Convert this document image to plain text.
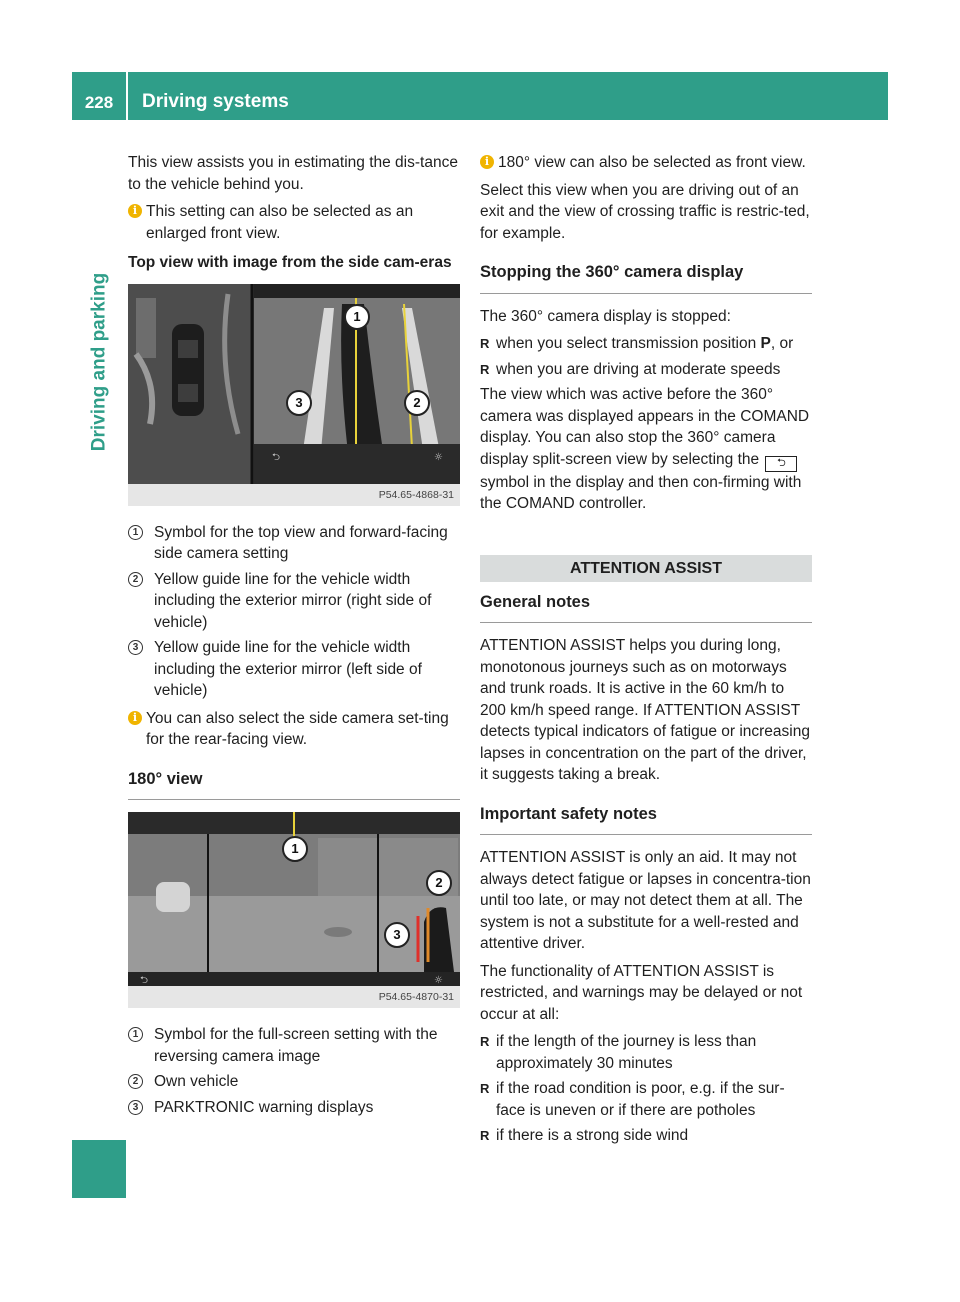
228	Driving systems
Driving and parking

This view assists you in estimating the dis-tance to the vehicle behind you.

i This setting can also be selected as an enlarged front view.
Top view with image from the side cam-eras
⮌	☼
1
2
3
P54.65-4868-31
1	Symbol for the top view and forward-facing side camera setting
2	Yellow guide line for the vehicle width including the exterior mirror (right side of vehicle)
3	Yellow guide line for the vehicle width including the exterior mirror (left side of vehicle)
i You can also select the side camera set-ting for the rear-facing view.
180° view
⮌	☼
1
2
3
P54.65-4870-31
1	Symbol for the full-screen setting with the reversing camera image
2	Own vehicle
3	PARKTRONIC warning displays
i 180° view can also be selected as front view.

Select this view when you are driving out of an exit and the view of crossing traffic is restric-ted, for example.

Stopping the 360° camera display

The 360° camera display is stopped:

R when you select transmission position P, or
R when you are driving at moderate speeds

The view which was active before the 360° camera was displayed appears in the COMAND display. You can also stop the 360° camera display split-screen view by selecting the ⮌ symbol in the display and then con-firming with the COMAND controller.

ATTENTION ASSIST
General notes

ATTENTION ASSIST helps you during long, monotonous journeys such as on motorways and trunk roads. It is active in the 60 km/h to 200 km/h speed range. If ATTENTION ASSIST detects typical indicators of fatigue or increasing lapses in concentration on the part of the driver, it suggests taking a break.

Important safety notes

ATTENTION ASSIST is only an aid. It may not always detect fatigue or lapses in concentra-tion until too late, or may not detect them at all. The system is not a substitute for a well-rested and attentive driver.

The functionality of ATTENTION ASSIST is restricted, and warnings may be delayed or not occur at all:

R if the length of the journey is less than approximately 30 minutes
R if the road condition is poor, e.g. if the sur-face is uneven or if there are potholes
R if there is a strong side wind
